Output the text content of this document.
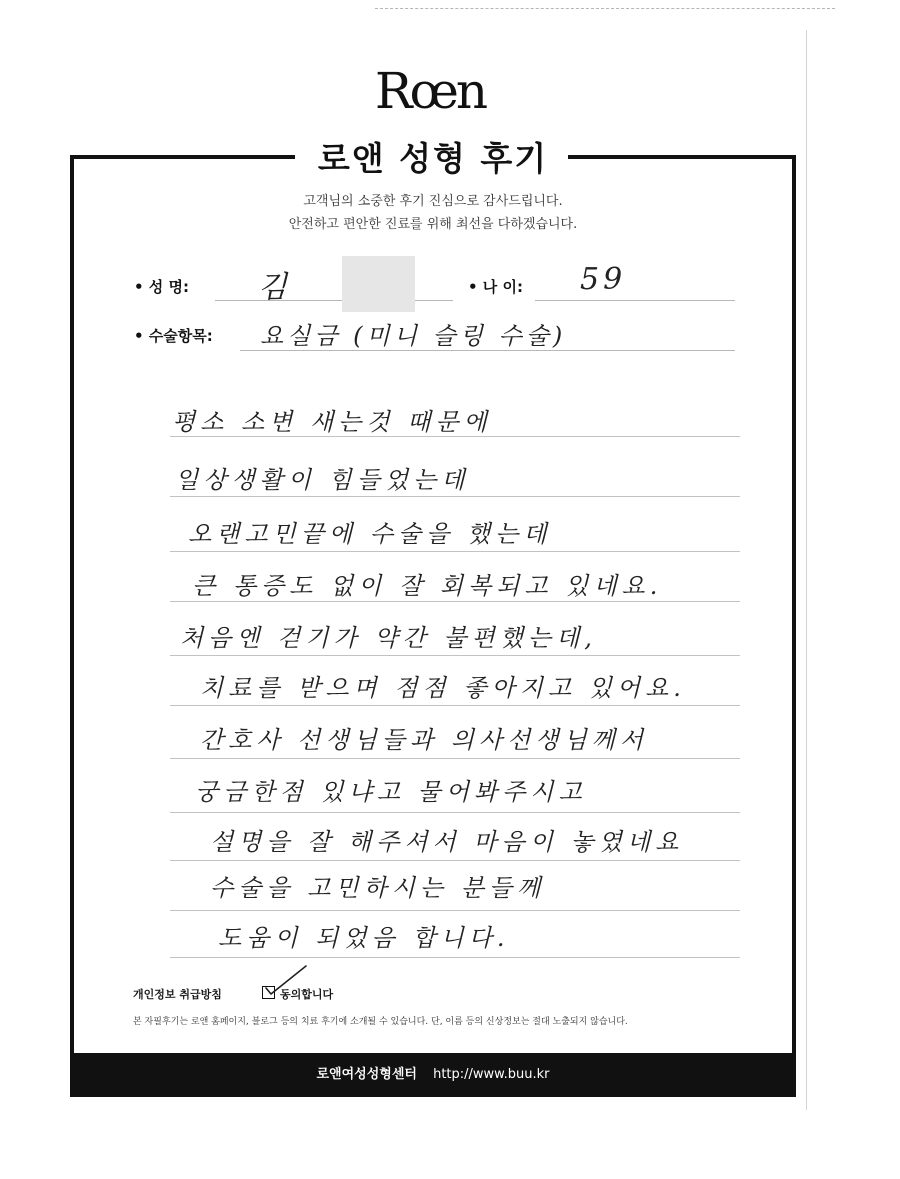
Rœn
로앤 성형 후기
고객님의 소중한 후기 진심으로 감사드립니다.
안전하고 편안한 진료를 위해 최선을 다하겠습니다.
• 성 명: 김	• 나 이: 59
• 수술항목: 요실금 (미니 슬링 수술)
평소 소변 새는것 때문에
일상생활이 힘들었는데
오랜고민끝에 수술을 했는데
큰 통증도 없이 잘 회복되고 있네요.
처음엔 걷기가 약간 불편했는데,
치료를 받으며 점점 좋아지고 있어요.
간호사 선생님들과 의사선생님께서
궁금한점 있냐고 물어봐주시고
설명을 잘 해주셔서 마음이 놓였네요
수술을 고민하시는 분들께
도움이 되었음 합니다.
개인정보 취급방침	동의합니다
본 자필후기는 로앤 홈페이지, 블로그 등의 치료 후기에 소개될 수 있습니다. 단, 이름 등의 신상정보는 절대 노출되지 않습니다.
로앤여성성형센터 http://www.buu.kr
